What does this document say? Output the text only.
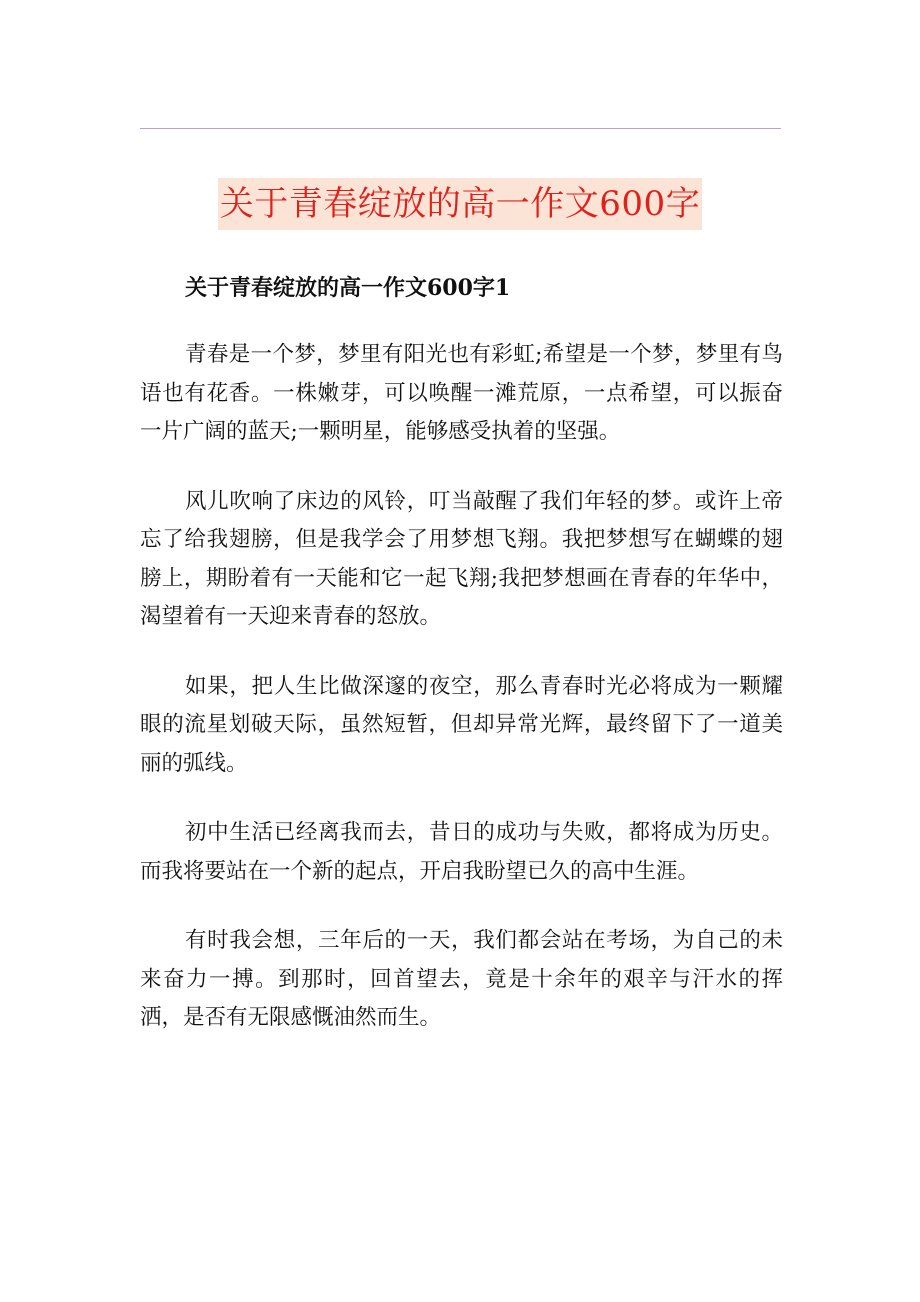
关于青春绽放的高一作文600字
关于青春绽放的高一作文600字1

青春是一个梦，梦里有阳光也有彩虹;希望是一个梦，梦里有鸟语也有花香。一株嫩芽，可以唤醒一滩荒原，一点希望，可以振奋一片广阔的蓝天;一颗明星，能够感受执着的坚强。

风儿吹响了床边的风铃，叮当敲醒了我们年轻的梦。或许上帝忘了给我翅膀，但是我学会了用梦想飞翔。我把梦想写在蝴蝶的翅膀上，期盼着有一天能和它一起飞翔;我把梦想画在青春的年华中，渴望着有一天迎来青春的怒放。

如果，把人生比做深邃的夜空，那么青春时光必将成为一颗耀眼的流星划破天际，虽然短暂，但却异常光辉，最终留下了一道美丽的弧线。

初中生活已经离我而去，昔日的成功与失败，都将成为历史。而我将要站在一个新的起点，开启我盼望已久的高中生涯。

有时我会想，三年后的一天，我们都会站在考场，为自己的未来奋力一搏。到那时，回首望去，竟是十余年的艰辛与汗水的挥洒，是否有无限感慨油然而生。
